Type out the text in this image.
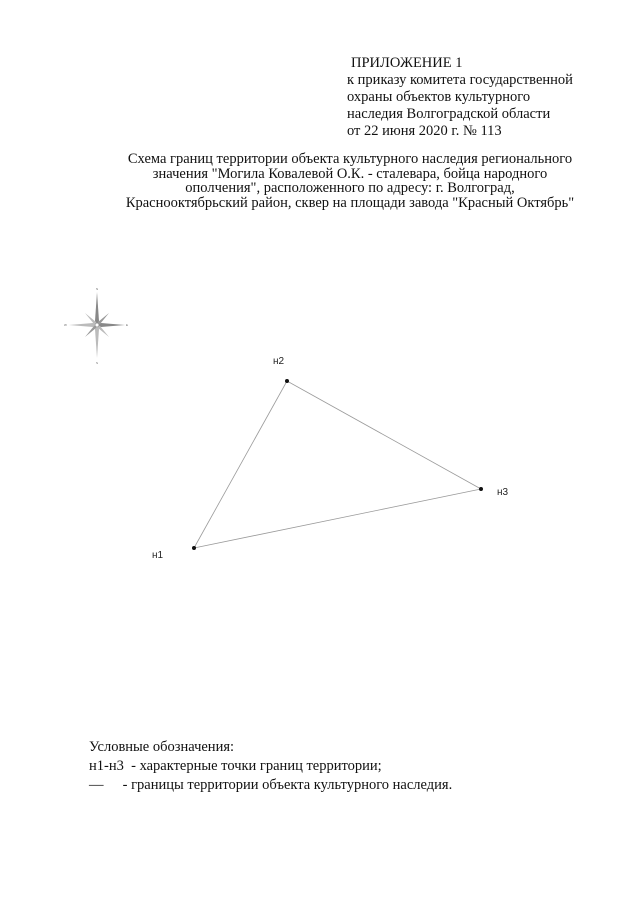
ПРИЛОЖЕНИЕ 1
к приказу комитета государственной
охраны объектов культурного
наследия Волгоградской области
от 22 июня 2020 г. № 113
Схема границ территории объекта культурного наследия регионального
значения "Могила Ковалевой О.К. - сталевара, бойца народного
ополчения", расположенного по адресу: г. Волгоград,
Краснооктябрьский район, сквер на площади завода "Красный Октябрь"
N
S
E
W
н1
н2
н3
Условные обозначения:
н1-н3 - характерные точки границ территории;
— - границы территории объекта культурного наследия.
